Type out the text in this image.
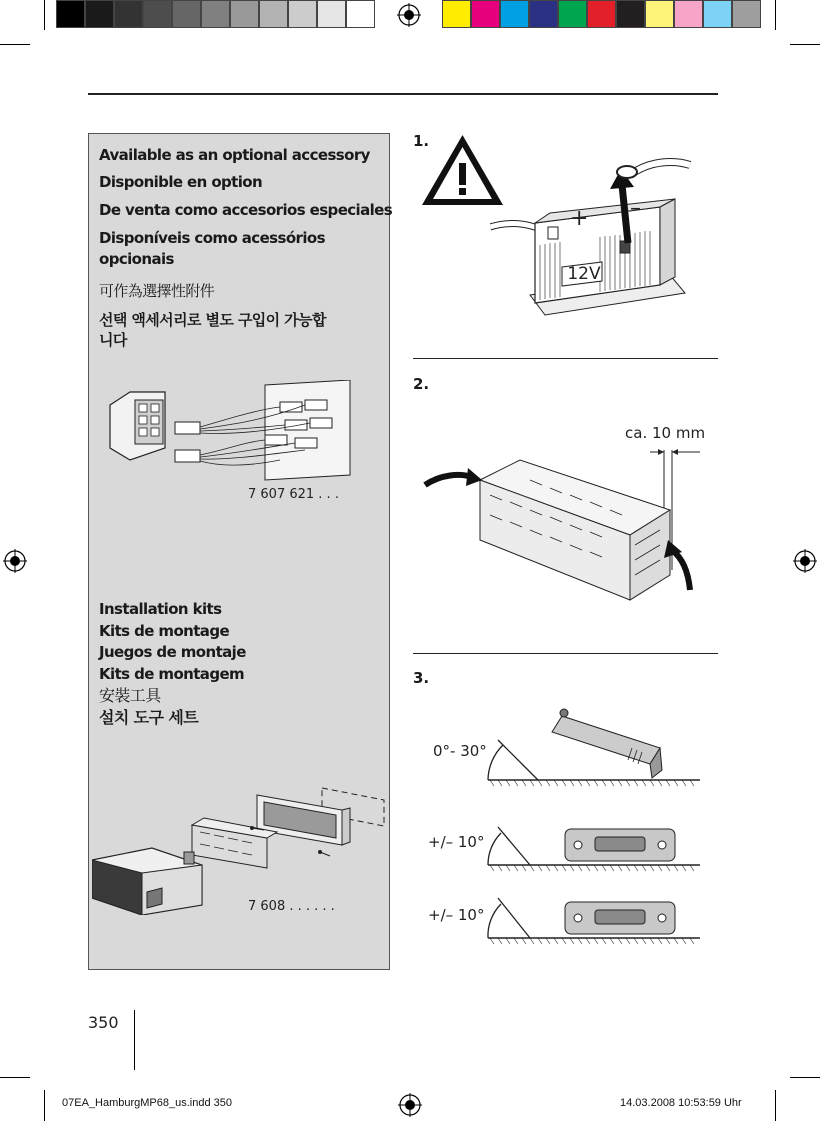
Available as an optional accessory
Disponible en option
De venta como accesorios especiales
Disponíveis como acessórios
opcionais
可作為選擇性附件
선택 액세서리로 별도 구입이 가능합
니다
7 607 621 . . .
Installation kits
Kits de montage
Juegos de montaje
Kits de montagem
安裝工具
설치 도구 세트
7 608 . . . . . .
1.
+ –
12V
2.
ca. 10 mm
3.
0°- 30°
+/– 10°
+/– 10°
350
07EA_HamburgMP68_us.indd 350	14.03.2008 10:53:59 Uhr
